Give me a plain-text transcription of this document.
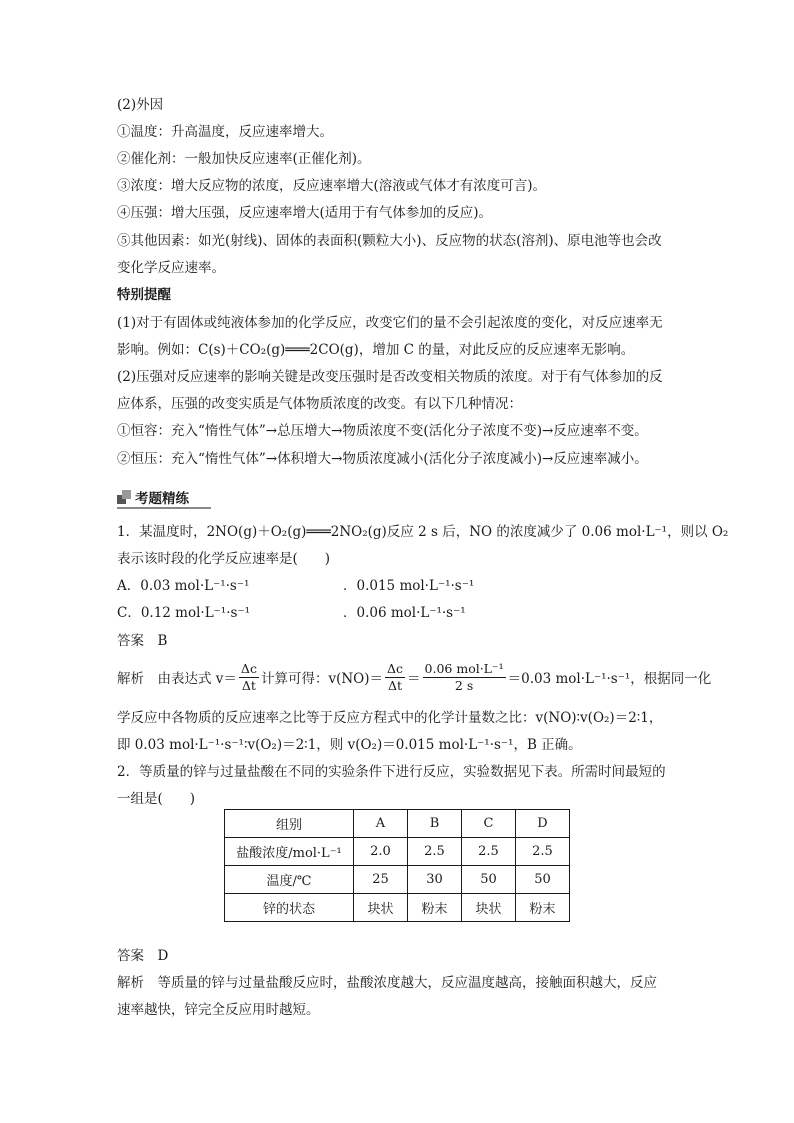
(2)外因
①温度：升高温度，反应速率增大。
②催化剂：一般加快反应速率(正催化剂)。
③浓度：增大反应物的浓度，反应速率增大(溶液或气体才有浓度可言)。
④压强：增大压强，反应速率增大(适用于有气体参加的反应)。
⑤其他因素：如光(射线)、固体的表面积(颗粒大小)、反应物的状态(溶剂)、原电池等也会改
变化学反应速率。
特别提醒
(1)对于有固体或纯液体参加的化学反应，改变它们的量不会引起浓度的变化，对反应速率无
影响。例如：C(s)＋CO₂(g)═══2CO(g)，增加 C 的量，对此反应的反应速率无影响。
(2)压强对反应速率的影响关键是改变压强时是否改变相关物质的浓度。对于有气体参加的反
应体系，压强的改变实质是气体物质浓度的改变。有以下几种情况：
①恒容：充入“惰性气体”→总压增大→物质浓度不变(活化分子浓度不变)→反应速率不变。
②恒压：充入“惰性气体”→体积增大→物质浓度减小(活化分子浓度减小)→反应速率减小。
考题精练
1．某温度时，2NO(g)＋O₂(g)═══2NO₂(g)反应 2 s 后，NO 的浓度减少了 0.06 mol·L⁻¹，则以 O₂
表示该时段的化学反应速率是(　　)
A．0.03 mol·L⁻¹·s⁻¹	．0.015 mol·L⁻¹·s⁻¹
C．0.12 mol·L⁻¹·s⁻¹	．0.06 mol·L⁻¹·s⁻¹
答案　B
解析　由表达式 $v= \frac{\Delta c}{\Delta t}$ 计算可得：$v(NO)= \frac{\Delta c}{\Delta t} = \frac{\text{0.06 mol·L⁻¹}}{2 s} =0.03$ mol·L⁻¹·s⁻¹，根据同一化
学反应中各物质的反应速率之比等于反应方程式中的化学计量数之比：v(NO)∶v(O₂)＝2∶1，
即 0.03 mol·L⁻¹·s⁻¹∶v(O₂)＝2∶1，则 v(O₂)＝0.015 mol·L⁻¹·s⁻¹，B 正确。
2．等质量的锌与过量盐酸在不同的实验条件下进行反应，实验数据见下表。所需时间最短的
一组是(　　)
组别	A	B	C	D
盐酸浓度/mol·L⁻¹	2.0	2.5	2.5	2.5
温度/℃	25	30	50	50
锌的状态	块状	粉末	块状	粉末
答案　D
解析　等质量的锌与过量盐酸反应时，盐酸浓度越大，反应温度越高，接触面积越大，反应
速率越快，锌完全反应用时越短。
